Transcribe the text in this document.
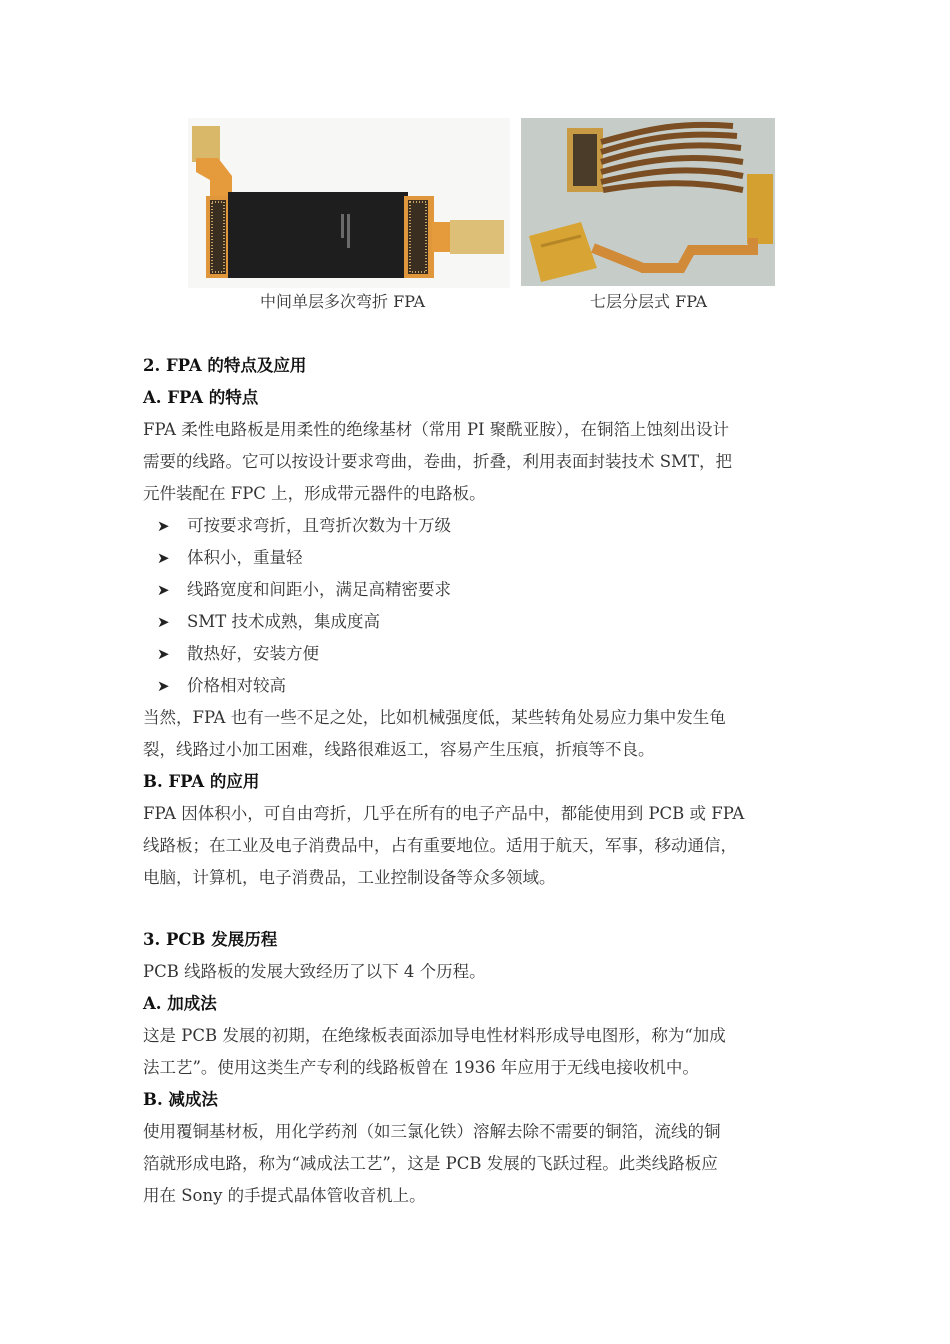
中间单层多次弯折 FPA	七层分层式 FPA

2. FPA 的特点及应用

A. FPA 的特点

FPA 柔性电路板是用柔性的绝缘基材（常用 PI 聚酰亚胺），在铜箔上蚀刻出设计

需要的线路。它可以按设计要求弯曲，卷曲，折叠，利用表面封装技术 SMT，把

元件装配在 FPC 上，形成带元器件的电路板。

➤ 可按要求弯折，且弯折次数为十万级

➤ 体积小，重量轻

➤ 线路宽度和间距小，满足高精密要求

➤ SMT 技术成熟，集成度高

➤ 散热好，安装方便

➤ 价格相对较高

当然，FPA 也有一些不足之处，比如机械强度低，某些转角处易应力集中发生龟

裂，线路过小加工困难，线路很难返工，容易产生压痕，折痕等不良。

B. FPA 的应用

FPA 因体积小，可自由弯折，几乎在所有的电子产品中，都能使用到 PCB 或 FPA

线路板；在工业及电子消费品中，占有重要地位。适用于航天，军事，移动通信，

电脑，计算机，电子消费品，工业控制设备等众多领域。

3. PCB 发展历程

PCB 线路板的发展大致经历了以下 4 个历程。

A. 加成法

这是 PCB 发展的初期，在绝缘板表面添加导电性材料形成导电图形，称为“加成

法工艺”。使用这类生产专利的线路板曾在 1936 年应用于无线电接收机中。

B. 减成法

使用覆铜基材板，用化学药剂（如三氯化铁）溶解去除不需要的铜箔，流线的铜

箔就形成电路，称为“减成法工艺”，这是 PCB 发展的飞跃过程。此类线路板应

用在 Sony 的手提式晶体管收音机上。
